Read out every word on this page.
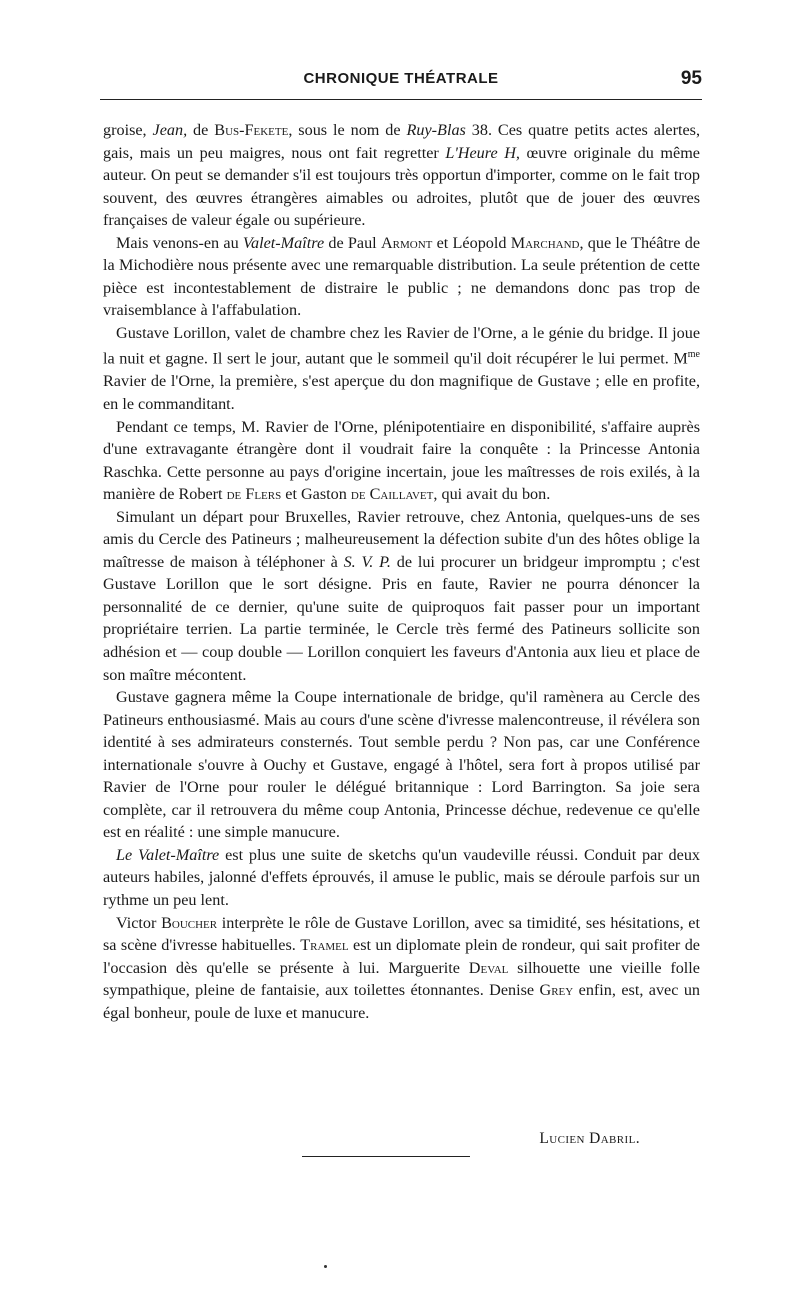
CHRONIQUE THÉATRALE	95

groise, Jean, de Bus-Fekete, sous le nom de Ruy-Blas 38. Ces quatre petits actes alertes, gais, mais un peu maigres, nous ont fait regretter L'Heure H, œuvre originale du même auteur. On peut se demander s'il est toujours très opportun d'importer, comme on le fait trop souvent, des œuvres étrangères aimables ou adroites, plutôt que de jouer des œuvres françaises de valeur égale ou supérieure.

Mais venons-en au Valet-Maître de Paul Armont et Léopold Marchand, que le Théâtre de la Michodière nous présente avec une remarquable distribution. La seule prétention de cette pièce est incontestablement de distraire le public ; ne demandons donc pas trop de vraisemblance à l'affabulation.

Gustave Lorillon, valet de chambre chez les Ravier de l'Orne, a le génie du bridge. Il joue la nuit et gagne. Il sert le jour, autant que le sommeil qu'il doit récupérer le lui permet. $M^{me}$ Ravier de l'Orne, la première, s'est aperçue du don magnifique de Gustave ; elle en profite, en le commanditant.

Pendant ce temps, M. Ravier de l'Orne, plénipotentiaire en disponibilité, s'affaire auprès d'une extravagante étrangère dont il voudrait faire la conquête : la Princesse Antonia Raschka. Cette personne au pays d'origine incertain, joue les maîtresses de rois exilés, à la manière de Robert de Flers et Gaston de Caillavet, qui avait du bon.

Simulant un départ pour Bruxelles, Ravier retrouve, chez Antonia, quelques-uns de ses amis du Cercle des Patineurs ; malheureusement la défection subite d'un des hôtes oblige la maîtresse de maison à téléphoner à S. V. P. de lui procurer un bridgeur impromptu ; c'est Gustave Lorillon que le sort désigne. Pris en faute, Ravier ne pourra dénoncer la personnalité de ce dernier, qu'une suite de quiproquos fait passer pour un important propriétaire terrien. La partie terminée, le Cercle très fermé des Patineurs sollicite son adhésion et — coup double — Lorillon conquiert les faveurs d'Antonia aux lieu et place de son maître mécontent.

Gustave gagnera même la Coupe internationale de bridge, qu'il ramènera au Cercle des Patineurs enthousiasmé. Mais au cours d'une scène d'ivresse malencontreuse, il révélera son identité à ses admirateurs consternés. Tout semble perdu ? Non pas, car une Conférence internationale s'ouvre à Ouchy et Gustave, engagé à l'hôtel, sera fort à propos utilisé par Ravier de l'Orne pour rouler le délégué britannique : Lord Barrington. Sa joie sera complète, car il retrouvera du même coup Antonia, Princesse déchue, redevenue ce qu'elle est en réalité : une simple manucure.

Le Valet-Maître est plus une suite de sketchs qu'un vaudeville réussi. Conduit par deux auteurs habiles, jalonné d'effets éprouvés, il amuse le public, mais se déroule parfois sur un rythme un peu lent.

Victor Boucher interprète le rôle de Gustave Lorillon, avec sa timidité, ses hésitations, et sa scène d'ivresse habituelles. Tramel est un diplomate plein de rondeur, qui sait profiter de l'occasion dès qu'elle se présente à lui. Marguerite Deval silhouette une vieille folle sympathique, pleine de fantaisie, aux toilettes étonnantes. Denise Grey enfin, est, avec un égal bonheur, poule de luxe et manucure.

Lucien Dabril.
